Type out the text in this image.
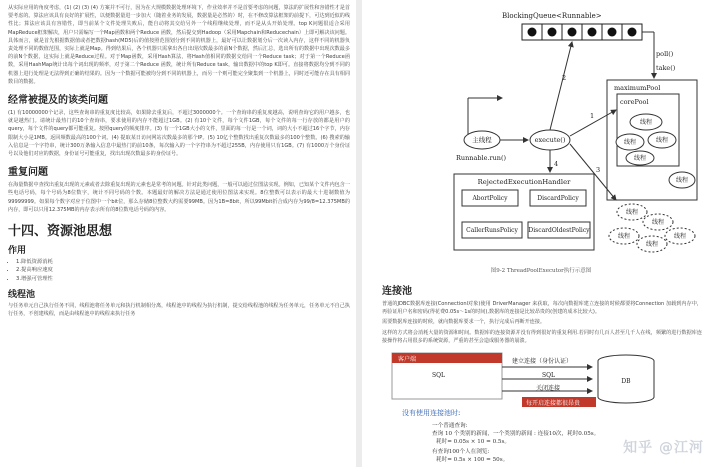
从实际应用的角度考虑，(1) (2) (3) (4) 方案并不可行，因为在大规模数据处理环境下，作业效率并不是首要考虑的问题，算法的扩展性和容错性才是首要考虑的。算法应该具有良好的扩展性，以便数据量进一步加大（随着业务的发展，数据量是必然的）时，在不修改算法框架的前提下，可达到近似的线性比；算法应该具有容错性，即当前某个文件处理失败后，能自动将其交给另外一个线程继续处理，而不是从头开始处理。top K问题很适合采用MapReduce框架解决，用户只需编写一个Map函数和两个Reduce 函数，然后提交到Hadoop（采用Mapchain和Reducechain）上即可解决该问题。具体而言，就是首先根据数据值或者把数据hash(MD5)后的值按照范围划分到不同的机器上，最好可以让数据划分后一次读入内存，这样不同的机器负责处理不同的数值范围，实际上就是Map。得到结果后，各个机器只需拿出各自出现次数最多的前N个数据，然后汇总，选出所有的数据中出现次数最多的前N个数据，这实际上就是Reduce过程。对于Map函数，采用Hash算法，将Hash值相同的数据交给同一个Reduce task；对于第一个Reduce函数，采用HashMap统计出每个词出现的频率，对于第二个Reduce 函数，统计所有Reduce task，输出数据中的top K即可。直接将数据均分到不同的机器上进行处理是无法得到正确的结果的。因为一个数据可能被均分到不同的机器上，而另一个则可能完全聚集到一个机器上，同时还可能存在具有相同数目的数据。

经常被提及的该类问题

(1) 有10000000个记录，这些查询串的重复度比较高，如果除去重复后，不超过3000000个。一个查询串的重复度越高，说明查询它的用户越多，也就是越热门。请统计最热门的10个查询串，要求使用的内存不能超过1GB。(2) 有10个文件，每个文件1GB，每个文件的每一行存放的都是用户的query，每个文件的query都可能重复。按照query的频度排序。(3) 有一个1GB大小的文件，里面的每一行是一个词，词的大小不超过16个字节，内存限制大小是1MB。返回频数最高的100个词。(4) 提取某日访问网站次数最多的那个IP。(5) 10亿个整数找出重复次数最多的100个整数。(6) 搜索的输入信息是一个字符串，统计300万条输入信息中最热门的前10条，每次输入的一个字符串为不超过255B，内存使用只有1GB。(7) 有1000万个身份证号以及他们对应的数据，身份证号可能重复，找出出现次数最多的身份证号。

重复问题

在海量数据中查找出重复出现的元素或者去除重复出现的元素也是常考的问题。针对此类问题，一般可以通过位图法实现。例如，已知某个文件内包含一些电话号码，每个号码为8位数字，统计不同号码的个数。本题最好的解决方法是通过使用位图法来实现。8位整数可以表示的最大十进制数值为99999999。如果每个数字对应于位图中一个bit位，那么存储8位整数大约需要99MB。因为1B=8bit，所以99Mbit折合成内存为99/8=12.375MB的内存，即可以只用12.375MB的内存表示所有的8位数电话号码的内容。

十四、资源池思想
作用
• 1.降低资源消耗
• 2.提高响应速度
• 3.增强可管理性
线程池

与任务单元自己执行任务不同，线程池将任务单元和执行机制相分离，线程池中的线程为执行机制，提交给线程池的线程为任务单元，任务单元不自己执行任务，不创建线程，而是由线程池中的线程来执行任务

BlockingQueue<Runnable>
poll()
take()
maximumPool
corePool
线程
线程	线程
线程
线程
线程
线程
线程
线程
线程
主线程	execute()
Runnable.run()
1
2
3
4
RejectedExecutionHandler
AbortPolicy	DiscardPolicy
CallerRunsPolicy DiscardOldestPolicy
图9-2 ThreadPoolExecutor执行示意图
连接池

普通的JDBC数据库连接(Connectionl对象)使用 DriverManager 来获取，每次向数据库建立连接的时候都要将Connection 加载到内存中，再验证用户名和密码(得花费0.05s～1s的时间),数据库的连接是比较昂贵的(创建的成本比较大)。

需要数据库连接的时候，就向数据库要求一个，执行完成后再断开连接。

这样的方式将会消耗大量的资源和时间。数据库的连接资源并没有得到很好的重复利用.若同时有几百人甚至几千人在线，频繁的进行数据库连接操作将占用很多的系统资源，严重的甚至会造成服务器的崩溃。

客户端
SQL
建立连接（身份认证）
SQL
关闭连接
DB
每开启连接都很昂贵
没有使用连接池时:
一个普通查询:
查询 10 个类别的新闻，一个类别的新闻 : 连接10次，耗时0.05s。
耗时= 0.05s × 10 = 0.5s。
有查询100个人在浏览:
耗时= 0.5s × 100 = 50s。
知乎 @江河
